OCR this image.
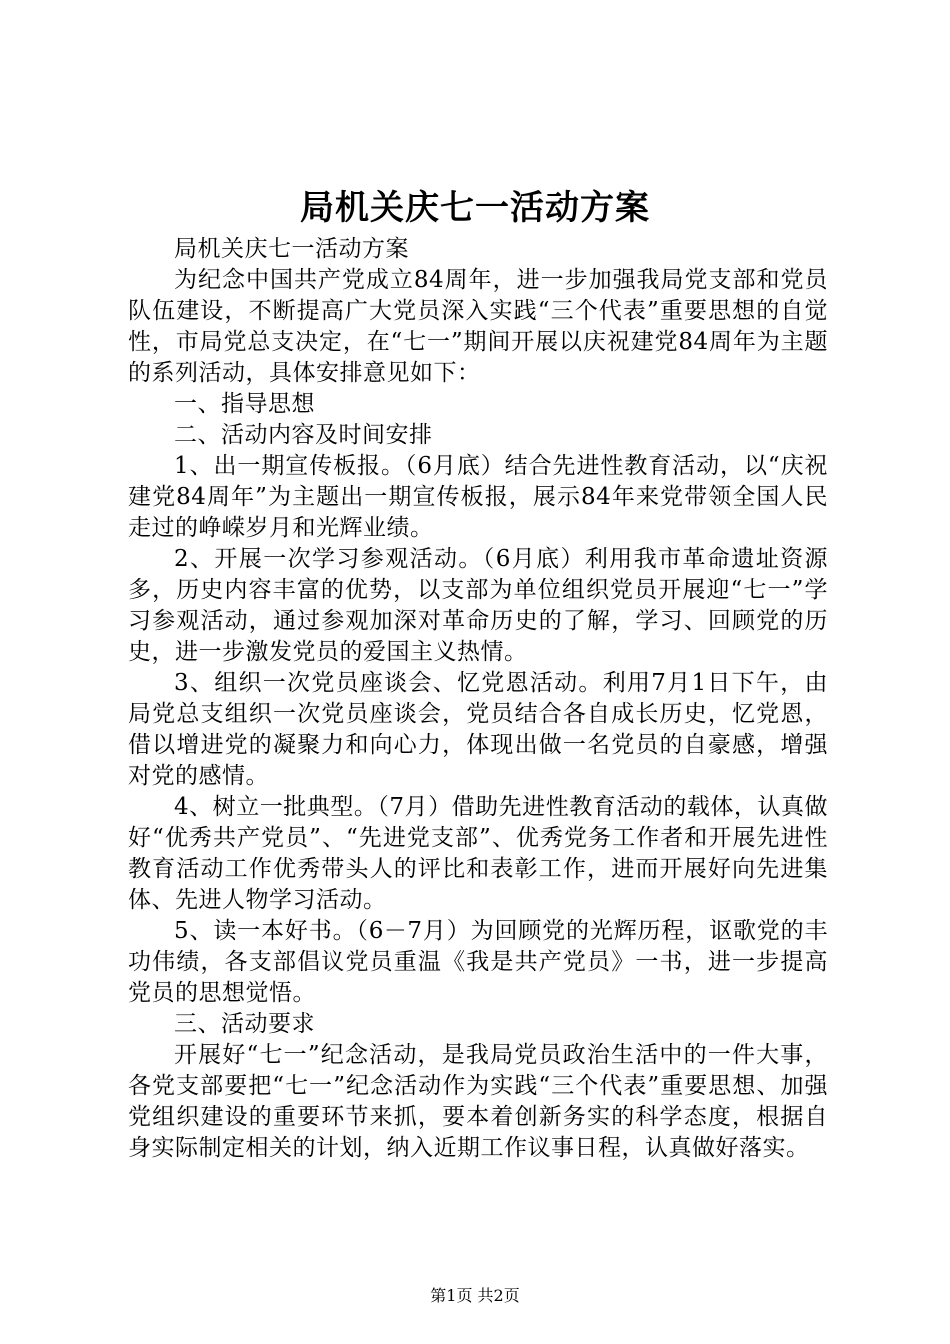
局机关庆七一活动方案

局机关庆七一活动方案

为纪念中国共产党成立84周年，进一步加强我局党支部和党员队伍建设，不断提高广大党员深入实践“三个代表”重要思想的自觉性，市局党总支决定，在“七一”期间开展以庆祝建党84周年为主题的系列活动，具体安排意见如下：

一、指导思想

二、活动内容及时间安排

1、出一期宣传板报。（6月底）结合先进性教育活动，以“庆祝建党84周年”为主题出一期宣传板报，展示84年来党带领全国人民走过的峥嵘岁月和光辉业绩。

2、开展一次学习参观活动。（6月底）利用我市革命遗址资源多，历史内容丰富的优势，以支部为单位组织党员开展迎“七一”学习参观活动，通过参观加深对革命历史的了解，学习、回顾党的历史，进一步激发党员的爱国主义热情。

3、组织一次党员座谈会、忆党恩活动。利用7月1日下午，由局党总支组织一次党员座谈会，党员结合各自成长历史，忆党恩，借以增进党的凝聚力和向心力，体现出做一名党员的自豪感，增强对党的感情。

4、树立一批典型。（7月）借助先进性教育活动的载体，认真做好“优秀共产党员”、“先进党支部”、优秀党务工作者和开展先进性教育活动工作优秀带头人的评比和表彰工作，进而开展好向先进集体、先进人物学习活动。

5、读一本好书。（6－7月）为回顾党的光辉历程，讴歌党的丰功伟绩，各支部倡议党员重温《我是共产党员》一书，进一步提高党员的思想觉悟。

三、活动要求

开展好“七一”纪念活动，是我局党员政治生活中的一件大事，各党支部要把“七一”纪念活动作为实践“三个代表”重要思想、加强党组织建设的重要环节来抓，要本着创新务实的科学态度，根据自身实际制定相关的计划，纳入近期工作议事日程，认真做好落实。

第1页 共2页
